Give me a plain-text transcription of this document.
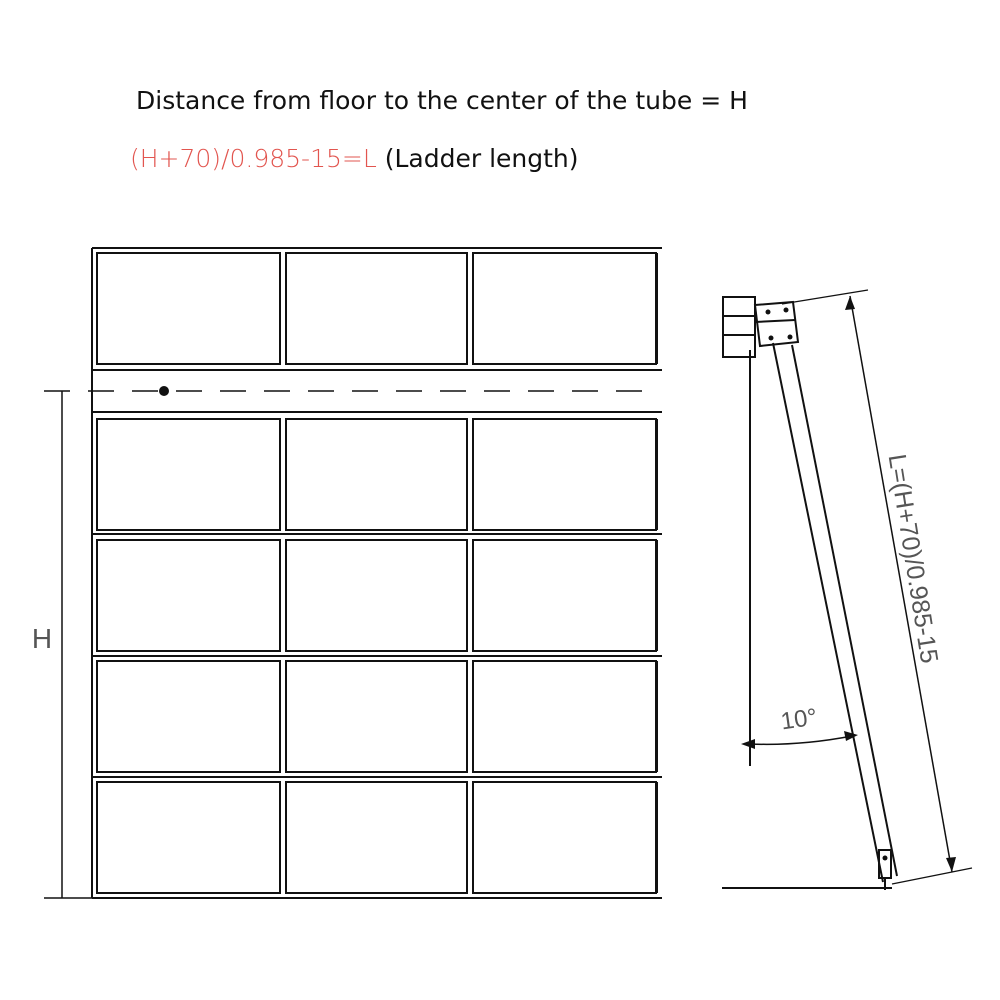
Distance from floor to the center of the tube = H
(H+70)/0.985-15=L (Ladder length)
H
10°
L=(H+70)/0.985-15
